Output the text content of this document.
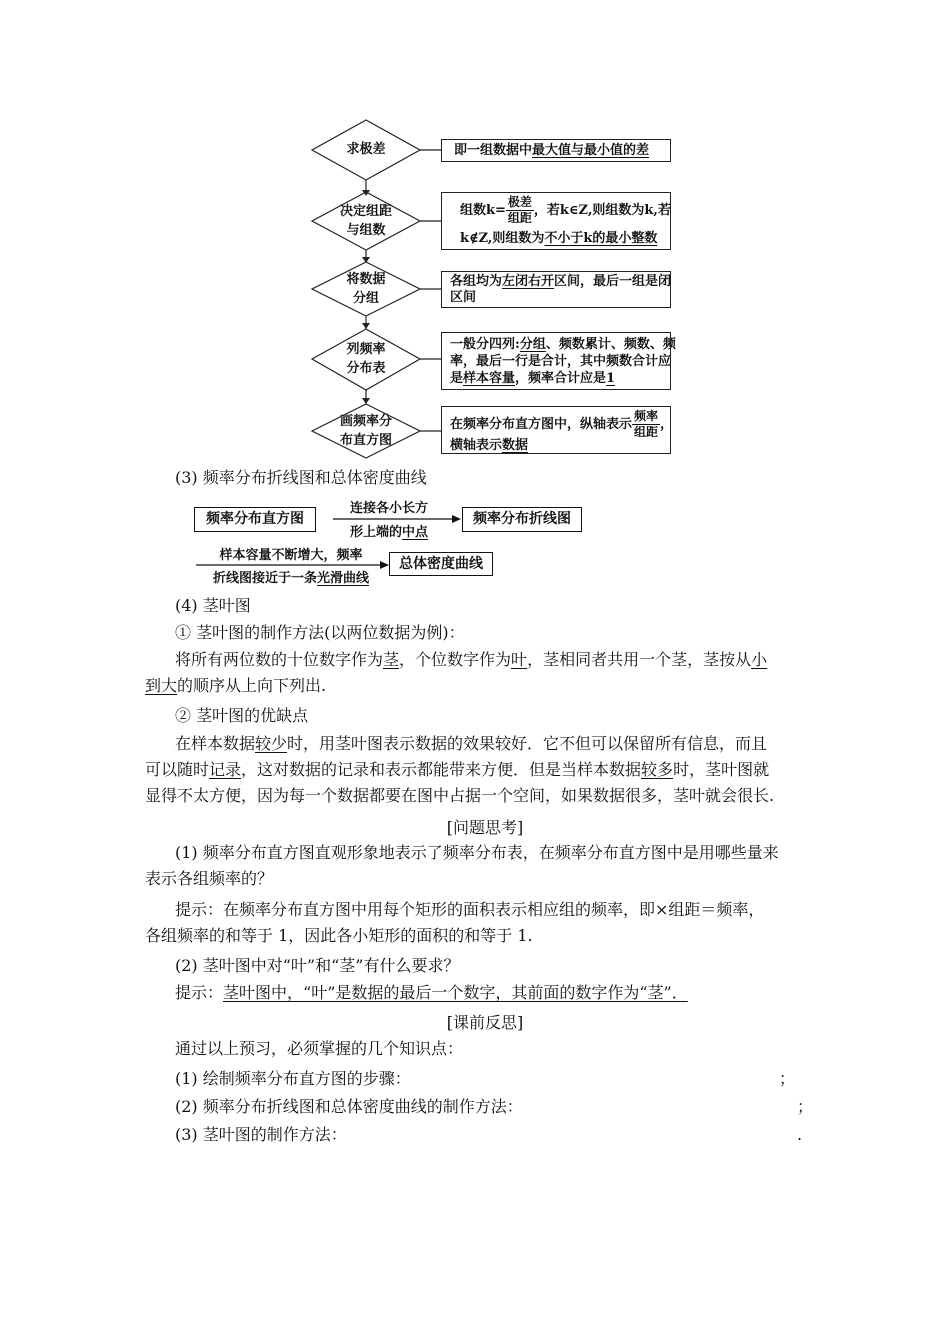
求极差
决定组距
与组数
将数据
分组
列频率
分布表
画频率分
布直方图
即一组数据中最大值与最小值的差
组数$k= \frac{\text{极差}}{\text{组距}}$ ，若k∈Z,则组数为k,若
k∉Z,则组数为不小于k的最小整数
各组均为左闭右开区间，最后一组是闭
区间
一般分四列:分组、频数累计、频数、频
率，最后一行是合计，其中频数合计应
是样本容量，频率合计应是1
在频率分布直方图中，纵轴表示 $\frac{\text{频率}}{\text{组距}}$ ，
横轴表示数据
(3) 频率分布折线图和总体密度曲线
频率分布直方图
连接各小长方
形上端的中点
频率分布折线图
样本容量不断增大，频率
折线图接近于一条光滑曲线
总体密度曲线
(4) 茎叶图
① 茎叶图的制作方法(以两位数据为例)：
将所有两位数的十位数字作为茎，个位数字作为叶，茎相同者共用一个茎，茎按从小
到大的顺序从上向下列出.
② 茎叶图的优缺点
在样本数据较少时，用茎叶图表示数据的效果较好．它不但可以保留所有信息，而且
可以随时记录，这对数据的记录和表示都能带来方便．但是当样本数据较多时，茎叶图就
显得不太方便，因为每一个数据都要在图中占据一个空间，如果数据很多，茎叶就会很长.
[问题思考]
(1) 频率分布直方图直观形象地表示了频率分布表，在频率分布直方图中是用哪些量来
表示各组频率的？
提示：在频率分布直方图中用每个矩形的面积表示相应组的频率，即×组距＝频率，
各组频率的和等于 1，因此各小矩形的面积的和等于 1.
(2) 茎叶图中对“叶”和“茎”有什么要求？
提示：茎叶图中，“叶”是数据的最后一个数字，其前面的数字作为“茎”．
[课前反思]
通过以上预习，必须掌握的几个知识点：
(1) 绘制频率分布直方图的步骤：	；
(2) 频率分布折线图和总体密度曲线的制作方法：	；
(3) 茎叶图的制作方法：	.
